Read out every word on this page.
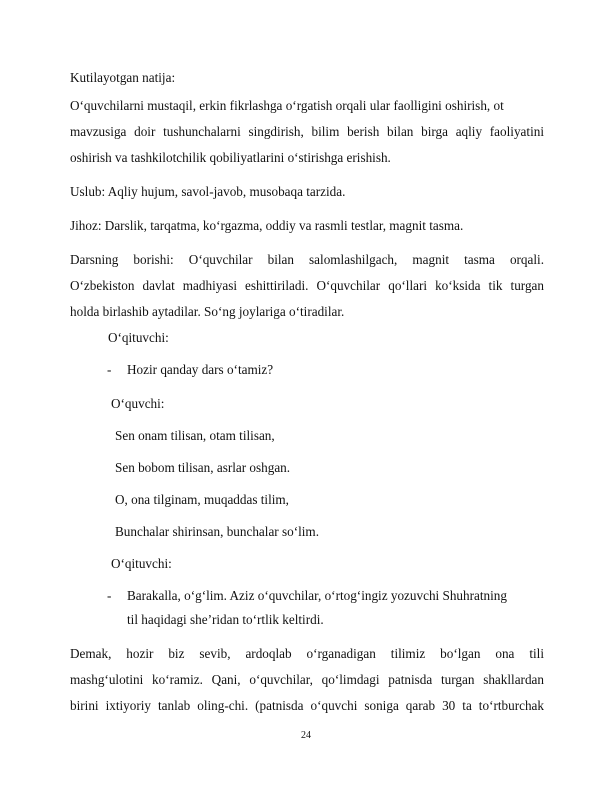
Kutilayotgan natija:
O‘quvchilarni mustaqil, erkin fikrlashga o‘rgatish orqali ular faolligini oshirish, ot
mavzusiga doir tushunchalarni singdirish, bilim berish bilan birga aqliy faoliyatini
oshirish va tashkilotchilik qobiliyatlarini o‘stirishga erishish.
Uslub: Aqliy hujum, savol-javob, musobaqa tarzida.
Jihoz: Darslik, tarqatma, ko‘rgazma, oddiy va rasmli testlar, magnit tasma.
Darsning borishi: O‘quvchilar bilan salomlashilgach, magnit tasma orqali.
O‘zbekiston davlat madhiyasi eshittiriladi. O‘quvchilar qo‘llari ko‘ksida tik turgan
holda birlashib aytadilar. So‘ng joylariga o‘tiradilar.
O‘qituvchi:
- Hozir qanday dars o‘tamiz?
O‘quvchi:
Sen onam tilisan, otam tilisan,
Sen bobom tilisan, asrlar oshgan.
O, ona tilginam, muqaddas tilim,
Bunchalar shirinsan, bunchalar so‘lim.
O‘qituvchi:
- Barakalla, o‘g‘lim. Aziz o‘quvchilar, o‘rtog‘ingiz yozuvchi Shuhratning
til haqidagi she’ridan to‘rtlik keltirdi.
Demak, hozir biz sevib, ardoqlab o‘rganadigan tilimiz bo‘lgan ona tili
mashg‘ulotini ko‘ramiz. Qani, o‘quvchilar, qo‘limdagi patnisda turgan shakllardan
birini ixtiyoriy tanlab oling-chi. (patnisda o‘quvchi soniga qarab 30 ta to‘rtburchak
24
